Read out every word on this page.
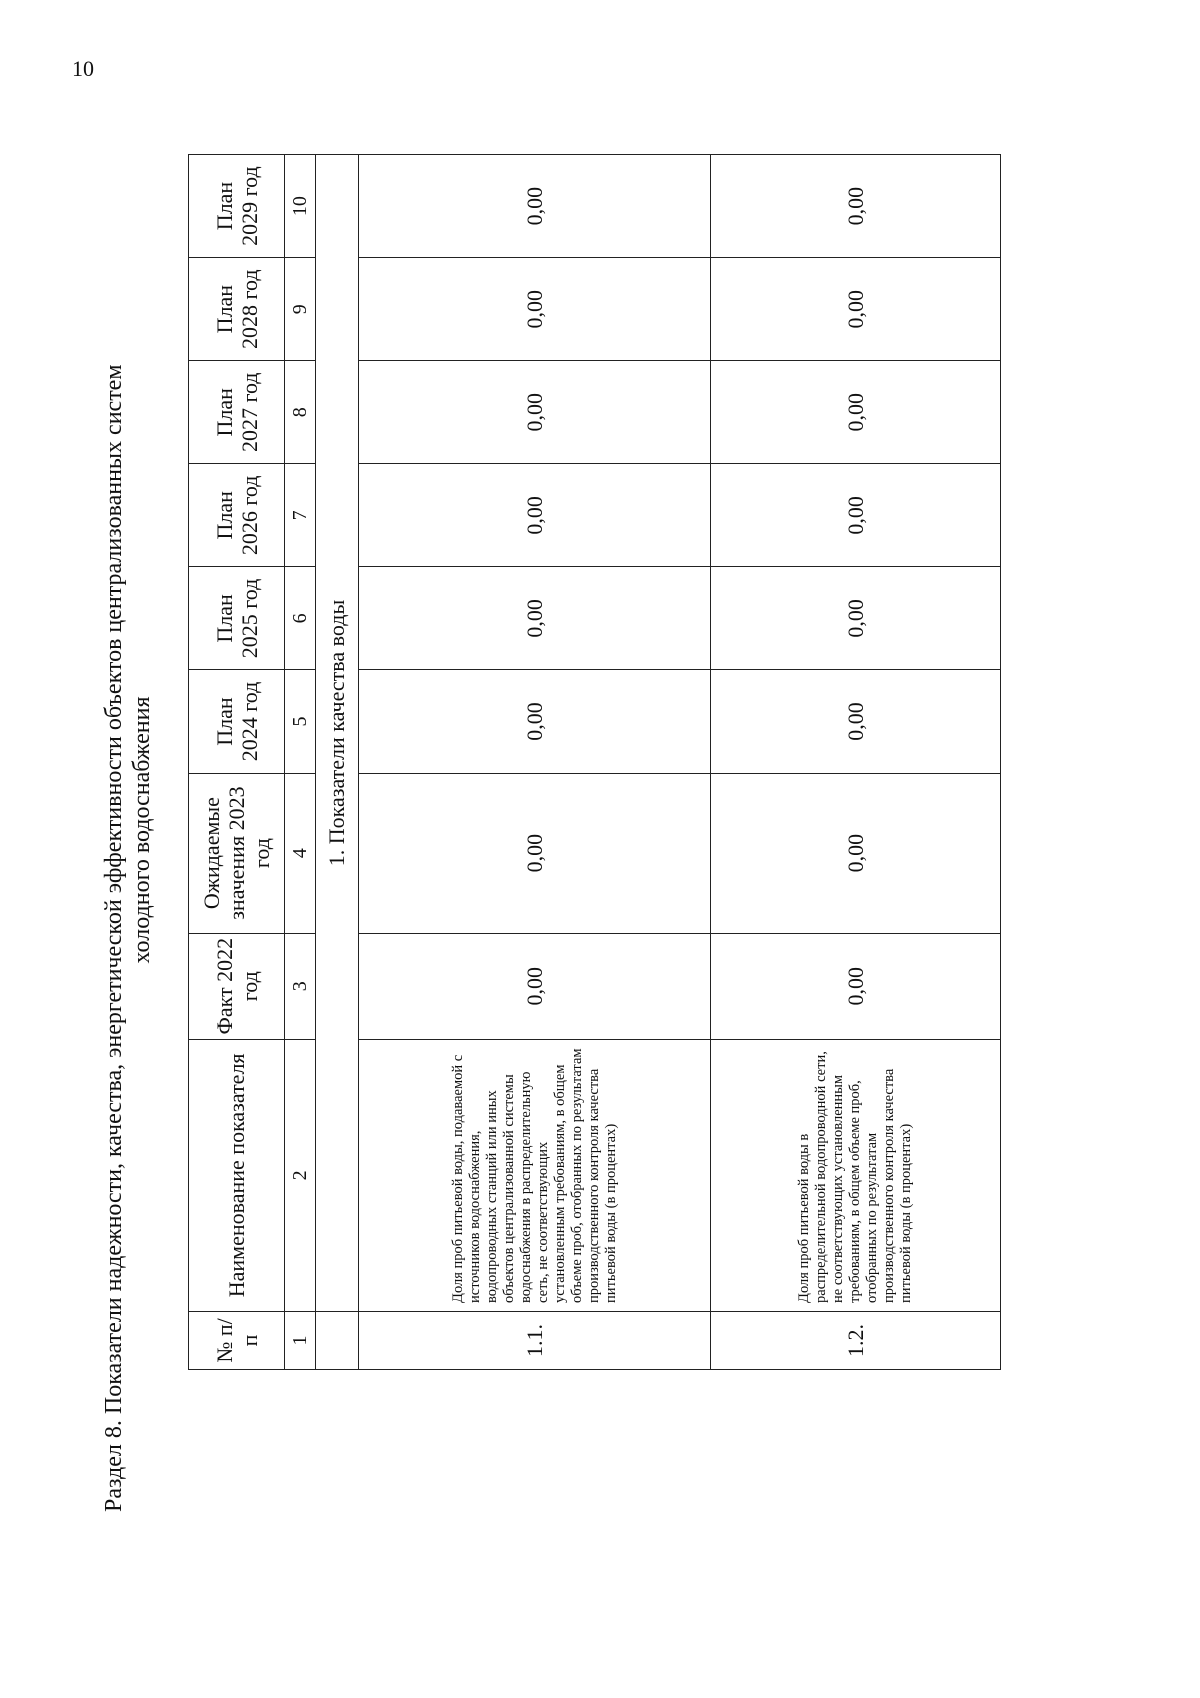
10
Раздел 8. Показатели надежности, качества, энергетической эффективности объектов централизованных систем холодного водоснабжения
№ п/п	Наименование показателя	Факт 2022 год	Ожидаемые значения 2023 год	План 2024 год	План 2025 год	План 2026 год	План 2027 год	План 2028 год	План 2029 год
1	2	3	4	5	6	7	8	9	10
	1. Показатели качества воды								
1.1.	Доля проб питьевой воды, подаваемой с источников водоснабжения, водопроводных станций или иных объектов централизованной системы водоснабжения в распределительную сеть, не соответствующих установленным требованиям, в общем объеме проб, отобранных по результатам производственного контроля качества питьевой воды (в процентах)	0,00	0,00	0,00	0,00	0,00	0,00	0,00	0,00
1.2.	Доля проб питьевой воды в распределительной водопроводной сети, не соответствующих установленным требованиям, в общем объеме проб, отобранных по результатам производственного контроля качества питьевой воды (в процентах)	0,00	0,00	0,00	0,00	0,00	0,00	0,00	0,00
